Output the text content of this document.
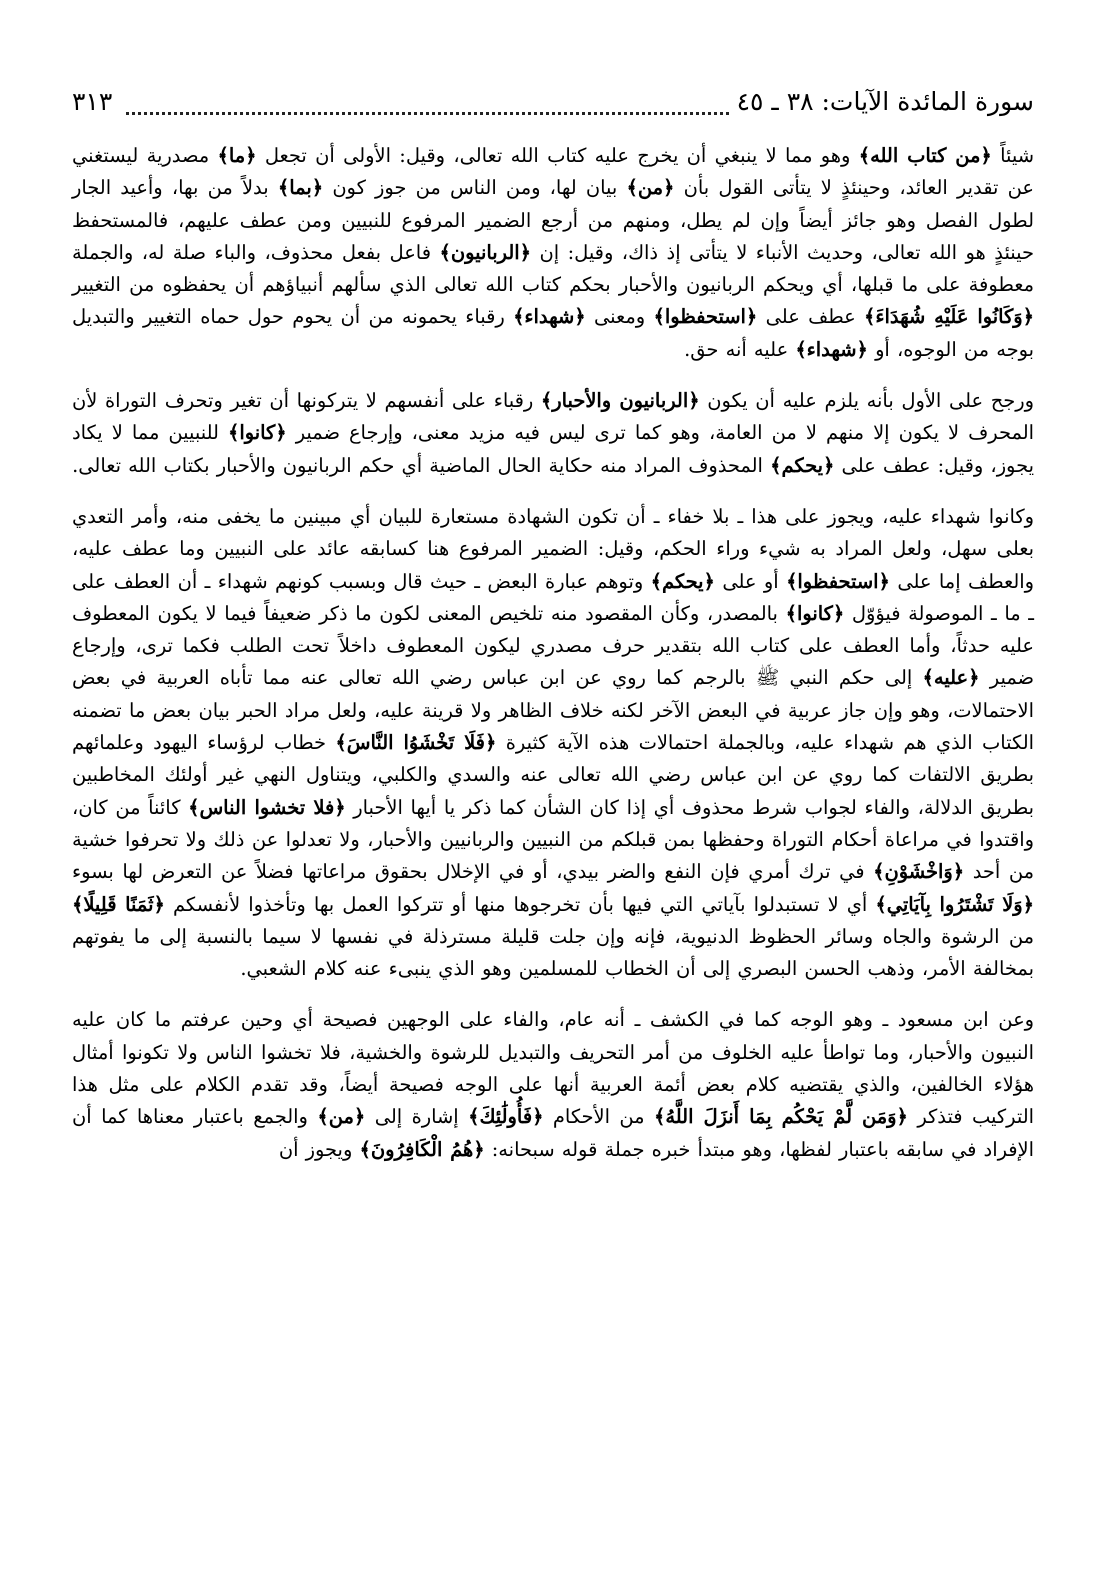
سورة المائدة الآيات: ٣٨ ـ ٤٥
٣١٣

شيئاً ﴿من كتاب الله﴾ وهو مما لا ينبغي أن يخرج عليه كتاب الله تعالى، وقيل: الأولى أن تجعل ﴿ما﴾ مصدرية ليستغني عن تقدير العائد، وحينئذٍ لا يتأتى القول بأن ﴿من﴾ بيان لها، ومن الناس من جوز كون ﴿بما﴾ بدلاً من بها، وأعيد الجار لطول الفصل وهو جائز أيضاً وإن لم يطل، ومنهم من أرجع الضمير المرفوع للنبيين ومن عطف عليهم، فالمستحفظ حينئذٍ هو الله تعالى، وحديث الأنباء لا يتأتى إذ ذاك، وقيل: إن ﴿الربانيون﴾ فاعل بفعل محذوف، والباء صلة له، والجملة معطوفة على ما قبلها، أي ويحكم الربانيون والأحبار بحكم كتاب الله تعالى الذي سألهم أنبياؤهم أن يحفظوه من التغيير ﴿وَكَانُوا عَلَيْهِ شُهَدَاءَ﴾ عطف على ﴿استحفظوا﴾ ومعنى ﴿شهداء﴾ رقباء يحمونه من أن يحوم حول حماه التغيير والتبديل بوجه من الوجوه، أو ﴿شهداء﴾ عليه أنه حق.

ورجح على الأول بأنه يلزم عليه أن يكون ﴿الربانيون والأحبار﴾ رقباء على أنفسهم لا يتركونها أن تغير وتحرف التوراة لأن المحرف لا يكون إلا منهم لا من العامة، وهو كما ترى ليس فيه مزيد معنى، وإرجاع ضمير ﴿كانوا﴾ للنبيين مما لا يكاد يجوز، وقيل: عطف على ﴿يحكم﴾ المحذوف المراد منه حكاية الحال الماضية أي حكم الربانيون والأحبار بكتاب الله تعالى.

وكانوا شهداء عليه، ويجوز على هذا ـ بلا خفاء ـ أن تكون الشهادة مستعارة للبيان أي مبينين ما يخفى منه، وأمر التعدي بعلى سهل، ولعل المراد به شيء وراء الحكم، وقيل: الضمير المرفوع هنا كسابقه عائد على النبيين وما عطف عليه، والعطف إما على ﴿استحفظوا﴾ أو على ﴿يحكم﴾ وتوهم عبارة البعض ـ حيث قال وبسبب كونهم شهداء ـ أن العطف على ـ ما ـ الموصولة فيؤوّل ﴿كانوا﴾ بالمصدر، وكأن المقصود منه تلخيص المعنى لكون ما ذكر ضعيفاً فيما لا يكون المعطوف عليه حدثاً، وأما العطف على كتاب الله بتقدير حرف مصدري ليكون المعطوف داخلاً تحت الطلب فكما ترى، وإرجاع ضمير ﴿عليه﴾ إلى حكم النبي ﷺ بالرجم كما روي عن ابن عباس رضي الله تعالى عنه مما تأباه العربية في بعض الاحتمالات، وهو وإن جاز عربية في البعض الآخر لكنه خلاف الظاهر ولا قرينة عليه، ولعل مراد الحبر بيان بعض ما تضمنه الكتاب الذي هم شهداء عليه، وبالجملة احتمالات هذه الآية كثيرة ﴿فَلَا تَخْشَوُا النَّاسَ﴾ خطاب لرؤساء اليهود وعلمائهم بطريق الالتفات كما روي عن ابن عباس رضي الله تعالى عنه والسدي والكلبي، ويتناول النهي غير أولئك المخاطبين بطريق الدلالة، والفاء لجواب شرط محذوف أي إذا كان الشأن كما ذكر يا أيها الأحبار ﴿فلا تخشوا الناس﴾ كائناً من كان، واقتدوا في مراعاة أحكام التوراة وحفظها بمن قبلكم من النبيين والربانيين والأحبار، ولا تعدلوا عن ذلك ولا تحرفوا خشية من أحد ﴿وَاخْشَوْنِ﴾ في ترك أمري فإن النفع والضر بيدي، أو في الإخلال بحقوق مراعاتها فضلاً عن التعرض لها بسوء ﴿وَلَا تَشْتَرُوا بِآيَاتِي﴾ أي لا تستبدلوا بآياتي التي فيها بأن تخرجوها منها أو تتركوا العمل بها وتأخذوا لأنفسكم ﴿ثَمَنًا قَلِيلًا﴾ من الرشوة والجاه وسائر الحظوظ الدنيوية، فإنه وإن جلت قليلة مسترذلة في نفسها لا سيما بالنسبة إلى ما يفوتهم بمخالفة الأمر، وذهب الحسن البصري إلى أن الخطاب للمسلمين وهو الذي ينبىء عنه كلام الشعبي.

وعن ابن مسعود ـ وهو الوجه كما في الكشف ـ أنه عام، والفاء على الوجهين فصيحة أي وحين عرفتم ما كان عليه النبيون والأحبار، وما تواطأ عليه الخلوف من أمر التحريف والتبديل للرشوة والخشية، فلا تخشوا الناس ولا تكونوا أمثال هؤلاء الخالفين، والذي يقتضيه كلام بعض أئمة العربية أنها على الوجه فصيحة أيضاً، وقد تقدم الكلام على مثل هذا التركيب فتذكر ﴿وَمَن لَّمْ يَحْكُم بِمَا أَنزَلَ اللَّهُ﴾ من الأحكام ﴿فَأُولَٰئِكَ﴾ إشارة إلى ﴿من﴾ والجمع باعتبار معناها كما أن الإفراد في سابقه باعتبار لفظها، وهو مبتدأ خبره جملة قوله سبحانه: ﴿هُمُ الْكَافِرُونَ﴾ ويجوز أن
